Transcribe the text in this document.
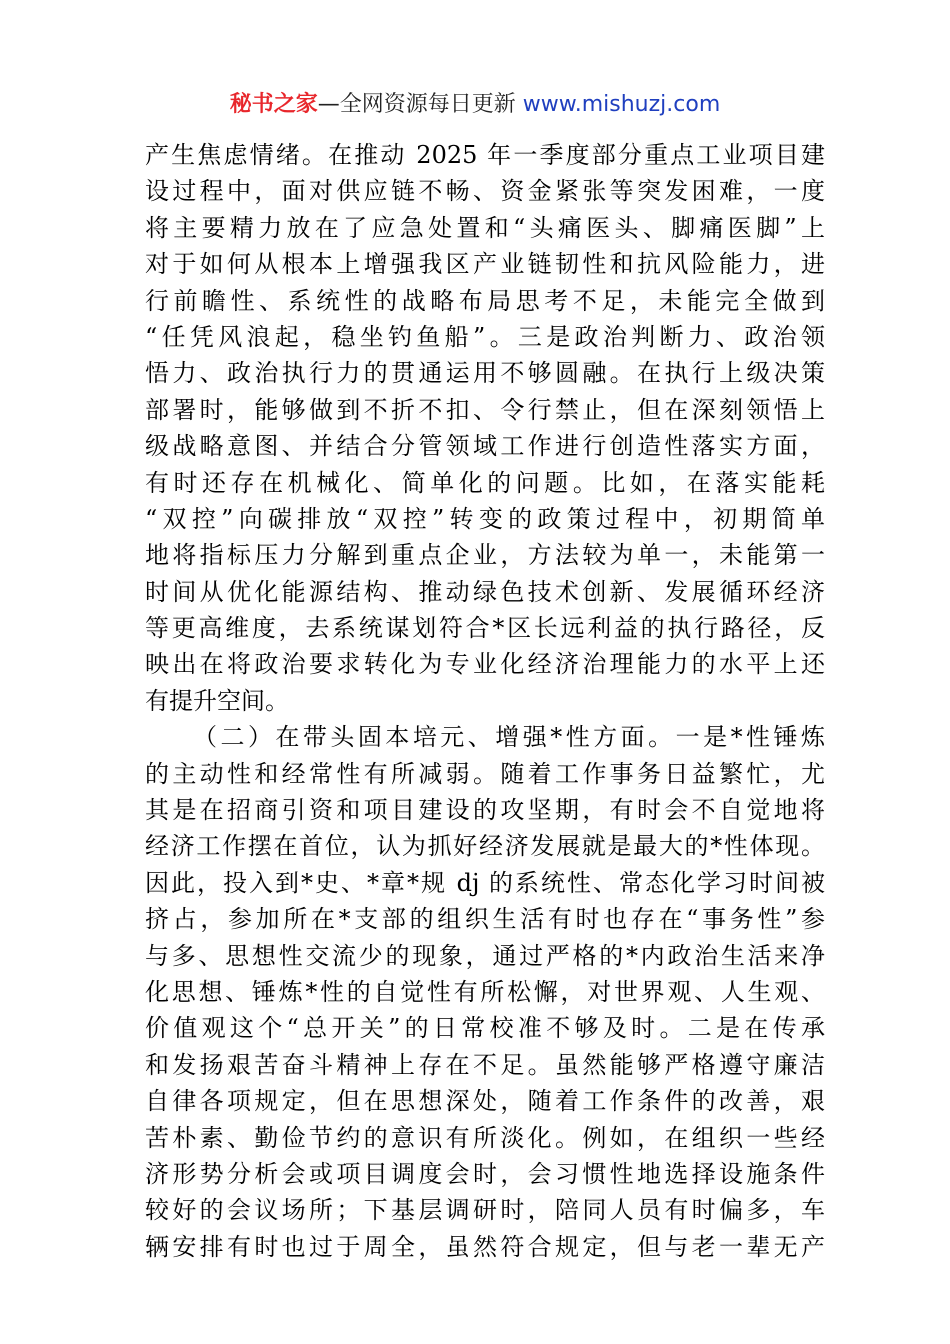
秘书之家—全网资源每日更新 www.mishuzj.com
产生焦虑情绪。在推动 2025 年一季度部分重点工业项目建
设过程中，面对供应链不畅、资金紧张等突发困难，一度
将主要精力放在了应急处置和“头痛医头、脚痛医脚”上
对于如何从根本上增强我区产业链韧性和抗风险能力，进
行前瞻性、系统性的战略布局思考不足，未能完全做到
“任凭风浪起，稳坐钓鱼船”。三是政治判断力、政治领
悟力、政治执行力的贯通运用不够圆融。在执行上级决策
部署时，能够做到不折不扣、令行禁止，但在深刻领悟上
级战略意图、并结合分管领域工作进行创造性落实方面，
有时还存在机械化、简单化的问题。比如，在落实能耗
“双控”向碳排放“双控”转变的政策过程中，初期简单
地将指标压力分解到重点企业，方法较为单一，未能第一
时间从优化能源结构、推动绿色技术创新、发展循环经济
等更高维度，去系统谋划符合*区长远利益的执行路径，反
映出在将政治要求转化为专业化经济治理能力的水平上还
有提升空间。
（二）在带头固本培元、增强*性方面。一是*性锤炼
的主动性和经常性有所减弱。随着工作事务日益繁忙，尤
其是在招商引资和项目建设的攻坚期，有时会不自觉地将
经济工作摆在首位，认为抓好经济发展就是最大的*性体现。
因此，投入到*史、*章*规 dj 的系统性、常态化学习时间被
挤占，参加所在*支部的组织生活有时也存在“事务性”参
与多、思想性交流少的现象，通过严格的*内政治生活来净
化思想、锤炼*性的自觉性有所松懈，对世界观、人生观、
价值观这个“总开关”的日常校准不够及时。二是在传承
和发扬艰苦奋斗精神上存在不足。虽然能够严格遵守廉洁
自律各项规定，但在思想深处，随着工作条件的改善，艰
苦朴素、勤俭节约的意识有所淡化。例如，在组织一些经
济形势分析会或项目调度会时，会习惯性地选择设施条件
较好的会议场所；下基层调研时，陪同人员有时偏多，车
辆安排有时也过于周全，虽然符合规定，但与老一辈无产
